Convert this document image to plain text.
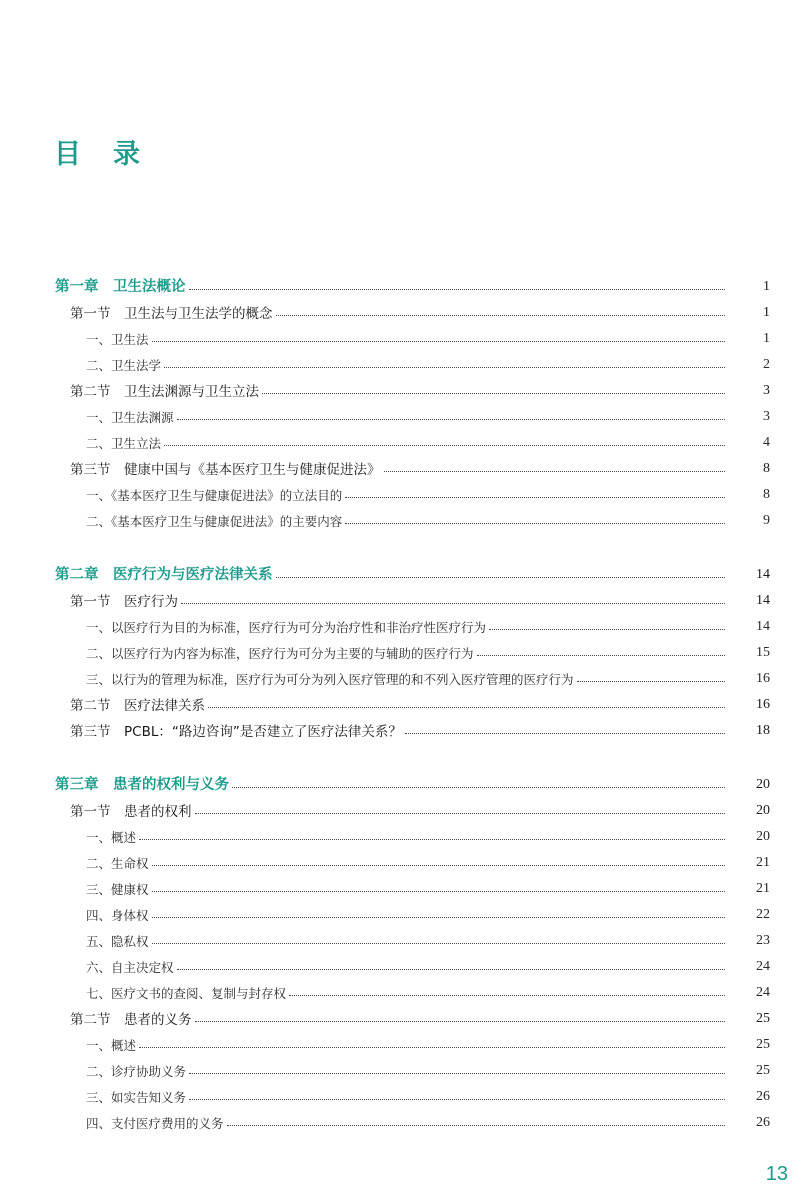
目录
第一章　卫生法概论	1
第一节　卫生法与卫生法学的概念	1
一、卫生法	1
二、卫生法学	2
第二节　卫生法渊源与卫生立法	3
一、卫生法渊源	3
二、卫生立法	4
第三节　健康中国与《基本医疗卫生与健康促进法》	8
一、《基本医疗卫生与健康促进法》的立法目的	8
二、《基本医疗卫生与健康促进法》的主要内容	9
第二章　医疗行为与医疗法律关系	14
第一节　医疗行为	14
一、以医疗行为目的为标准，医疗行为可分为治疗性和非治疗性医疗行为	14
二、以医疗行为内容为标准，医疗行为可分为主要的与辅助的医疗行为	15
三、以行为的管理为标准，医疗行为可分为列入医疗管理的和不列入医疗管理的医疗行为	16
第二节　医疗法律关系	16
第三节　PCBL：“路边咨询”是否建立了医疗法律关系？	18
第三章　患者的权利与义务	20
第一节　患者的权利	20
一、概述	20
二、生命权	21
三、健康权	21
四、身体权	22
五、隐私权	23
六、自主决定权	24
七、医疗文书的查阅、复制与封存权	24
第二节　患者的义务	25
一、概述	25
二、诊疗协助义务	25
三、如实告知义务	26
四、支付医疗费用的义务	26
13
